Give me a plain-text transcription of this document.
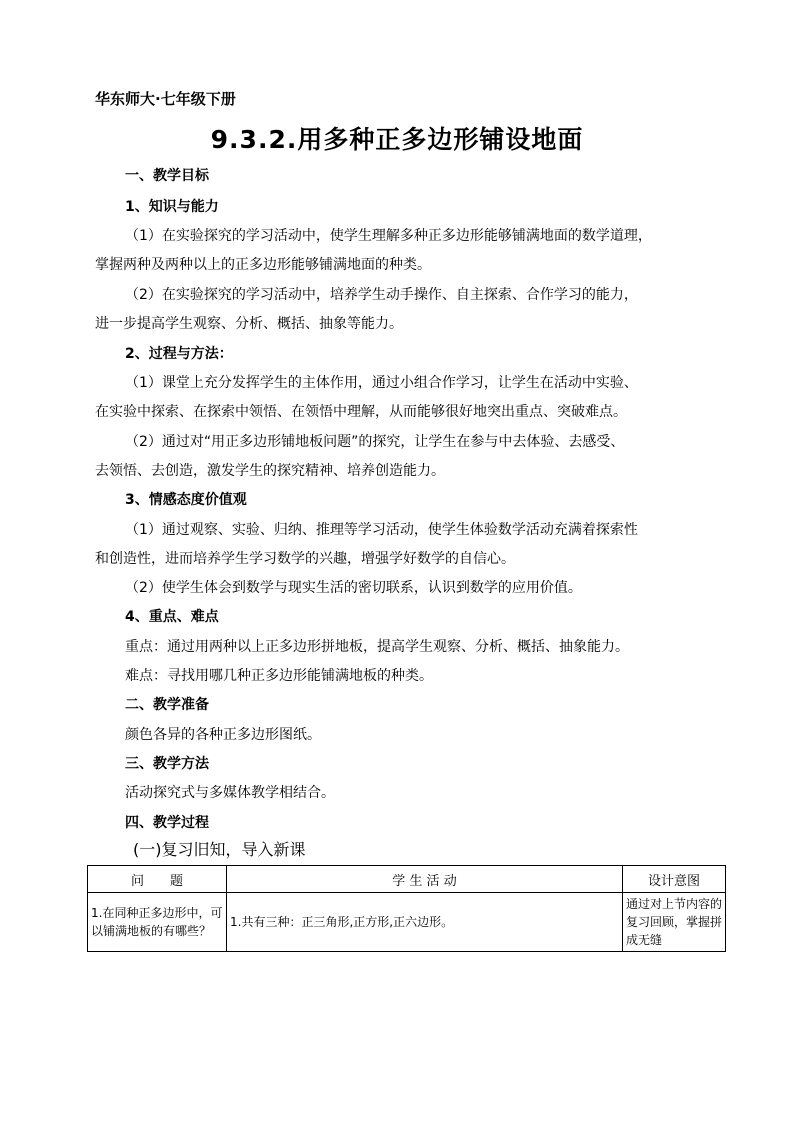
华东师大·七年级下册
9.3.2.用多种正多边形铺设地面
一、教学目标
1、知识与能力
（1）在实验探究的学习活动中，使学生理解多种正多边形能够铺满地面的数学道理，
掌握两种及两种以上的正多边形能够铺满地面的种类。
（2）在实验探究的学习活动中，培养学生动手操作、自主探索、合作学习的能力，
进一步提高学生观察、分析、概括、抽象等能力。
2、过程与方法：
（1）课堂上充分发挥学生的主体作用，通过小组合作学习，让学生在活动中实验、
在实验中探索、在探索中领悟、在领悟中理解，从而能够很好地突出重点、突破难点。
（2）通过对“用正多边形铺地板问题”的探究，让学生在参与中去体验、去感受、
去领悟、去创造，激发学生的探究精神、培养创造能力。
3、情感态度价值观
（1）通过观察、实验、归纳、推理等学习活动，使学生体验数学活动充满着探索性
和创造性，进而培养学生学习数学的兴趣，增强学好数学的自信心。
（2）使学生体会到数学与现实生活的密切联系，认识到数学的应用价值。
4、重点、难点
重点：通过用两种以上正多边形拼地板，提高学生观察、分析、概括、抽象能力。
难点：寻找用哪几种正多边形能铺满地板的种类。
二、教学准备
颜色各异的各种正多边形图纸。
三、教学方法
活动探究式与多媒体教学相结合。
四、教学过程
(一)复习旧知，导入新课
问　　题	学 生 活 动	设计意图
1.在同种正多边形中，可以铺满地板的有哪些？	1.共有三种：正三角形,正方形,正六边形。	通过对上节内容的复习回顾，掌握拼成无缝
